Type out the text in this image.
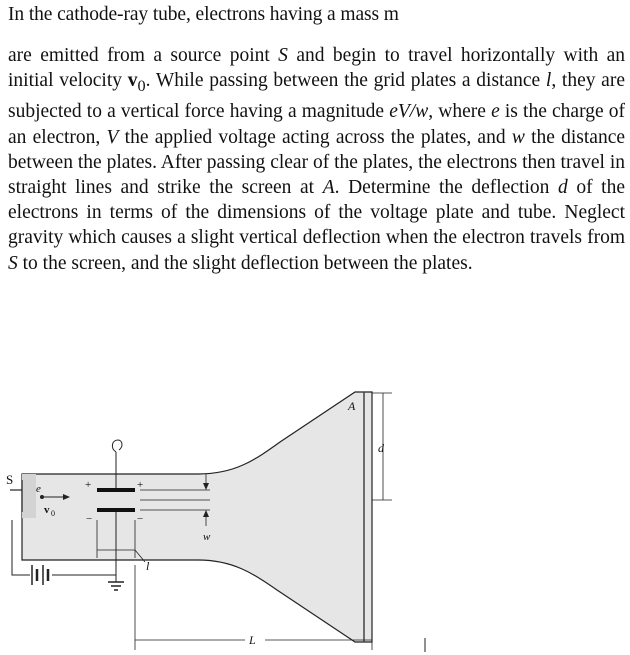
In the cathode-ray tube, electrons having a mass m
are emitted from a source point S and begin to travel horizontally with an initial velocity $v_0$. While passing between the grid plates a distance l, they are subjected to a vertical force having a magnitude eV/w, where e is the charge of an electron, V the applied voltage acting across the plates, and w the distance between the plates. After passing clear of the plates, the electrons then travel in straight lines and strike the screen at A. Determine the deflection d of the electrons in terms of the dimensions of the voltage plate and tube. Neglect gravity which causes a slight vertical deflection when the electron travels from S to the screen, and the slight deflection between the plates.
S
e
v 0
+	+
−	−
l
w
L
A
d
